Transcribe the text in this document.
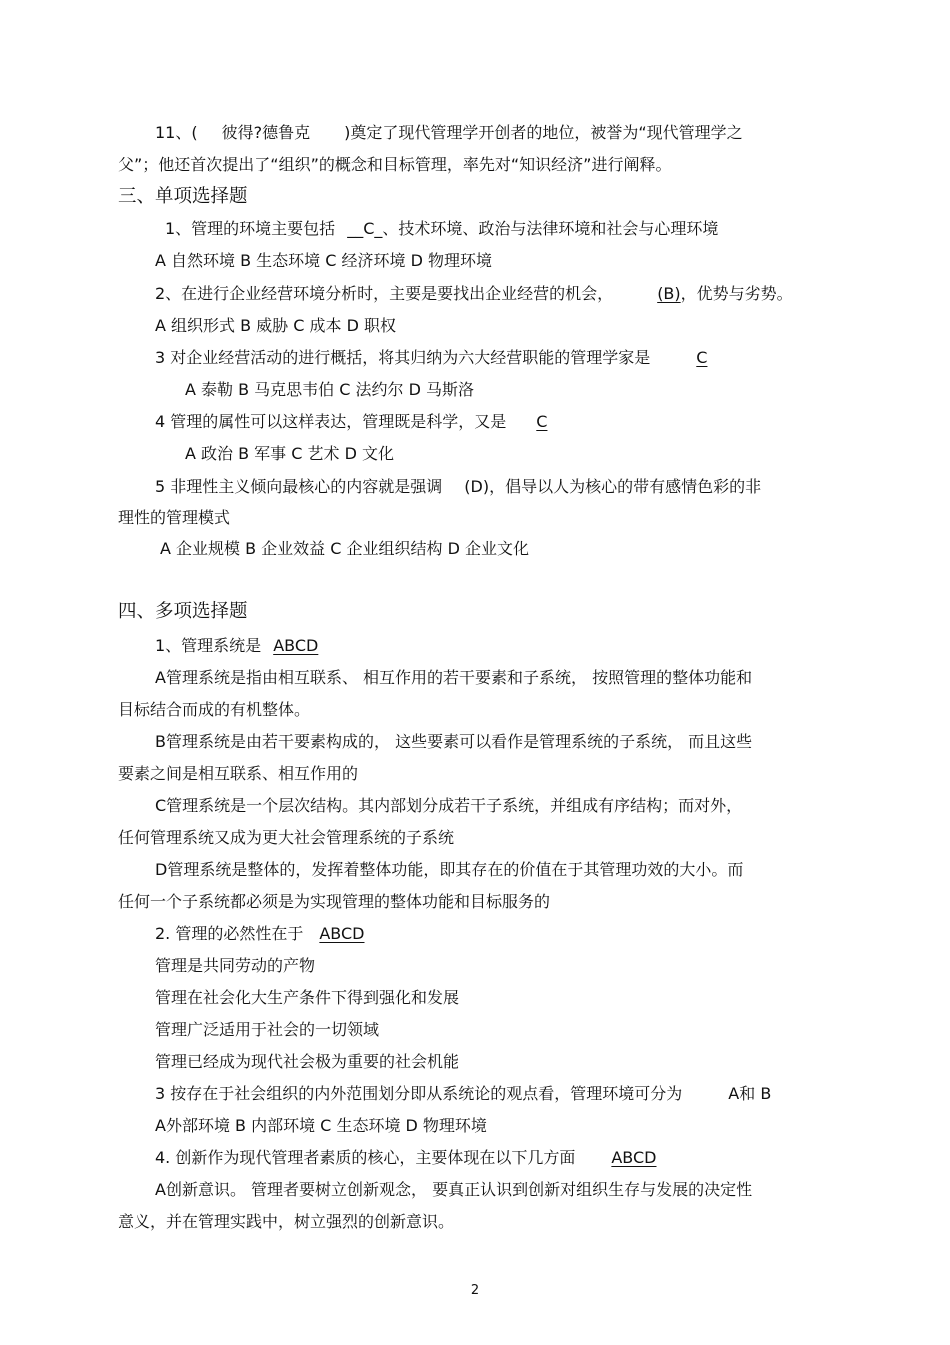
11、( 彼得?德鲁克 )奠定了现代管理学开创者的地位，被誉为“现代管理学之
父”；他还首次提出了“组织”的概念和目标管理，率先对“知识经济”进行阐释。
三、单项选择题
1、管理的环境主要包括 __C_、技术环境、政治与法律环境和社会与心理环境
A 自然环境 B 生态环境 C 经济环境 D 物理环境
2、在进行企业经营环境分析时，主要是要找出企业经营的机会，	(B)，优势与劣势。
A 组织形式 B 威胁 C 成本 D 职权
3 对企业经营活动的进行概括，将其归纳为六大经营职能的管理学家是	C
A 泰勒 B 马克思韦伯 C 法约尔 D 马斯洛
4 管理的属性可以这样表达，管理既是科学，又是 C
A 政治 B 军事 C 艺术 D 文化
5 非理性主义倾向最核心的内容就是强调 (D)，倡导以人为核心的带有感情色彩的非
理性的管理模式
A 企业规模 B 企业效益 C 企业组织结构 D 企业文化
四、多项选择题
1、管理系统是 ABCD
A管理系统是指由相互联系、 相互作用的若干要素和子系统， 按照管理的整体功能和
目标结合而成的有机整体。
B管理系统是由若干要素构成的， 这些要素可以看作是管理系统的子系统， 而且这些
要素之间是相互联系、相互作用的
C管理系统是一个层次结构。其内部划分成若干子系统，并组成有序结构；而对外，
任何管理系统又成为更大社会管理系统的子系统
D管理系统是整体的，发挥着整体功能，即其存在的价值在于其管理功效的大小。而
任何一个子系统都必须是为实现管理的整体功能和目标服务的
2. 管理的必然性在于 ABCD
管理是共同劳动的产物
管理在社会化大生产条件下得到强化和发展
管理广泛适用于社会的一切领域
管理已经成为现代社会极为重要的社会机能
3 按存在于社会组织的内外范围划分即从系统论的观点看，管理环境可分为	A和 B
A外部环境 B 内部环境 C 生态环境 D 物理环境
4. 创新作为现代管理者素质的核心，主要体现在以下几方面 ABCD
A创新意识。 管理者要树立创新观念， 要真正认识到创新对组织生存与发展的决定性
意义，并在管理实践中，树立强烈的创新意识。
2
